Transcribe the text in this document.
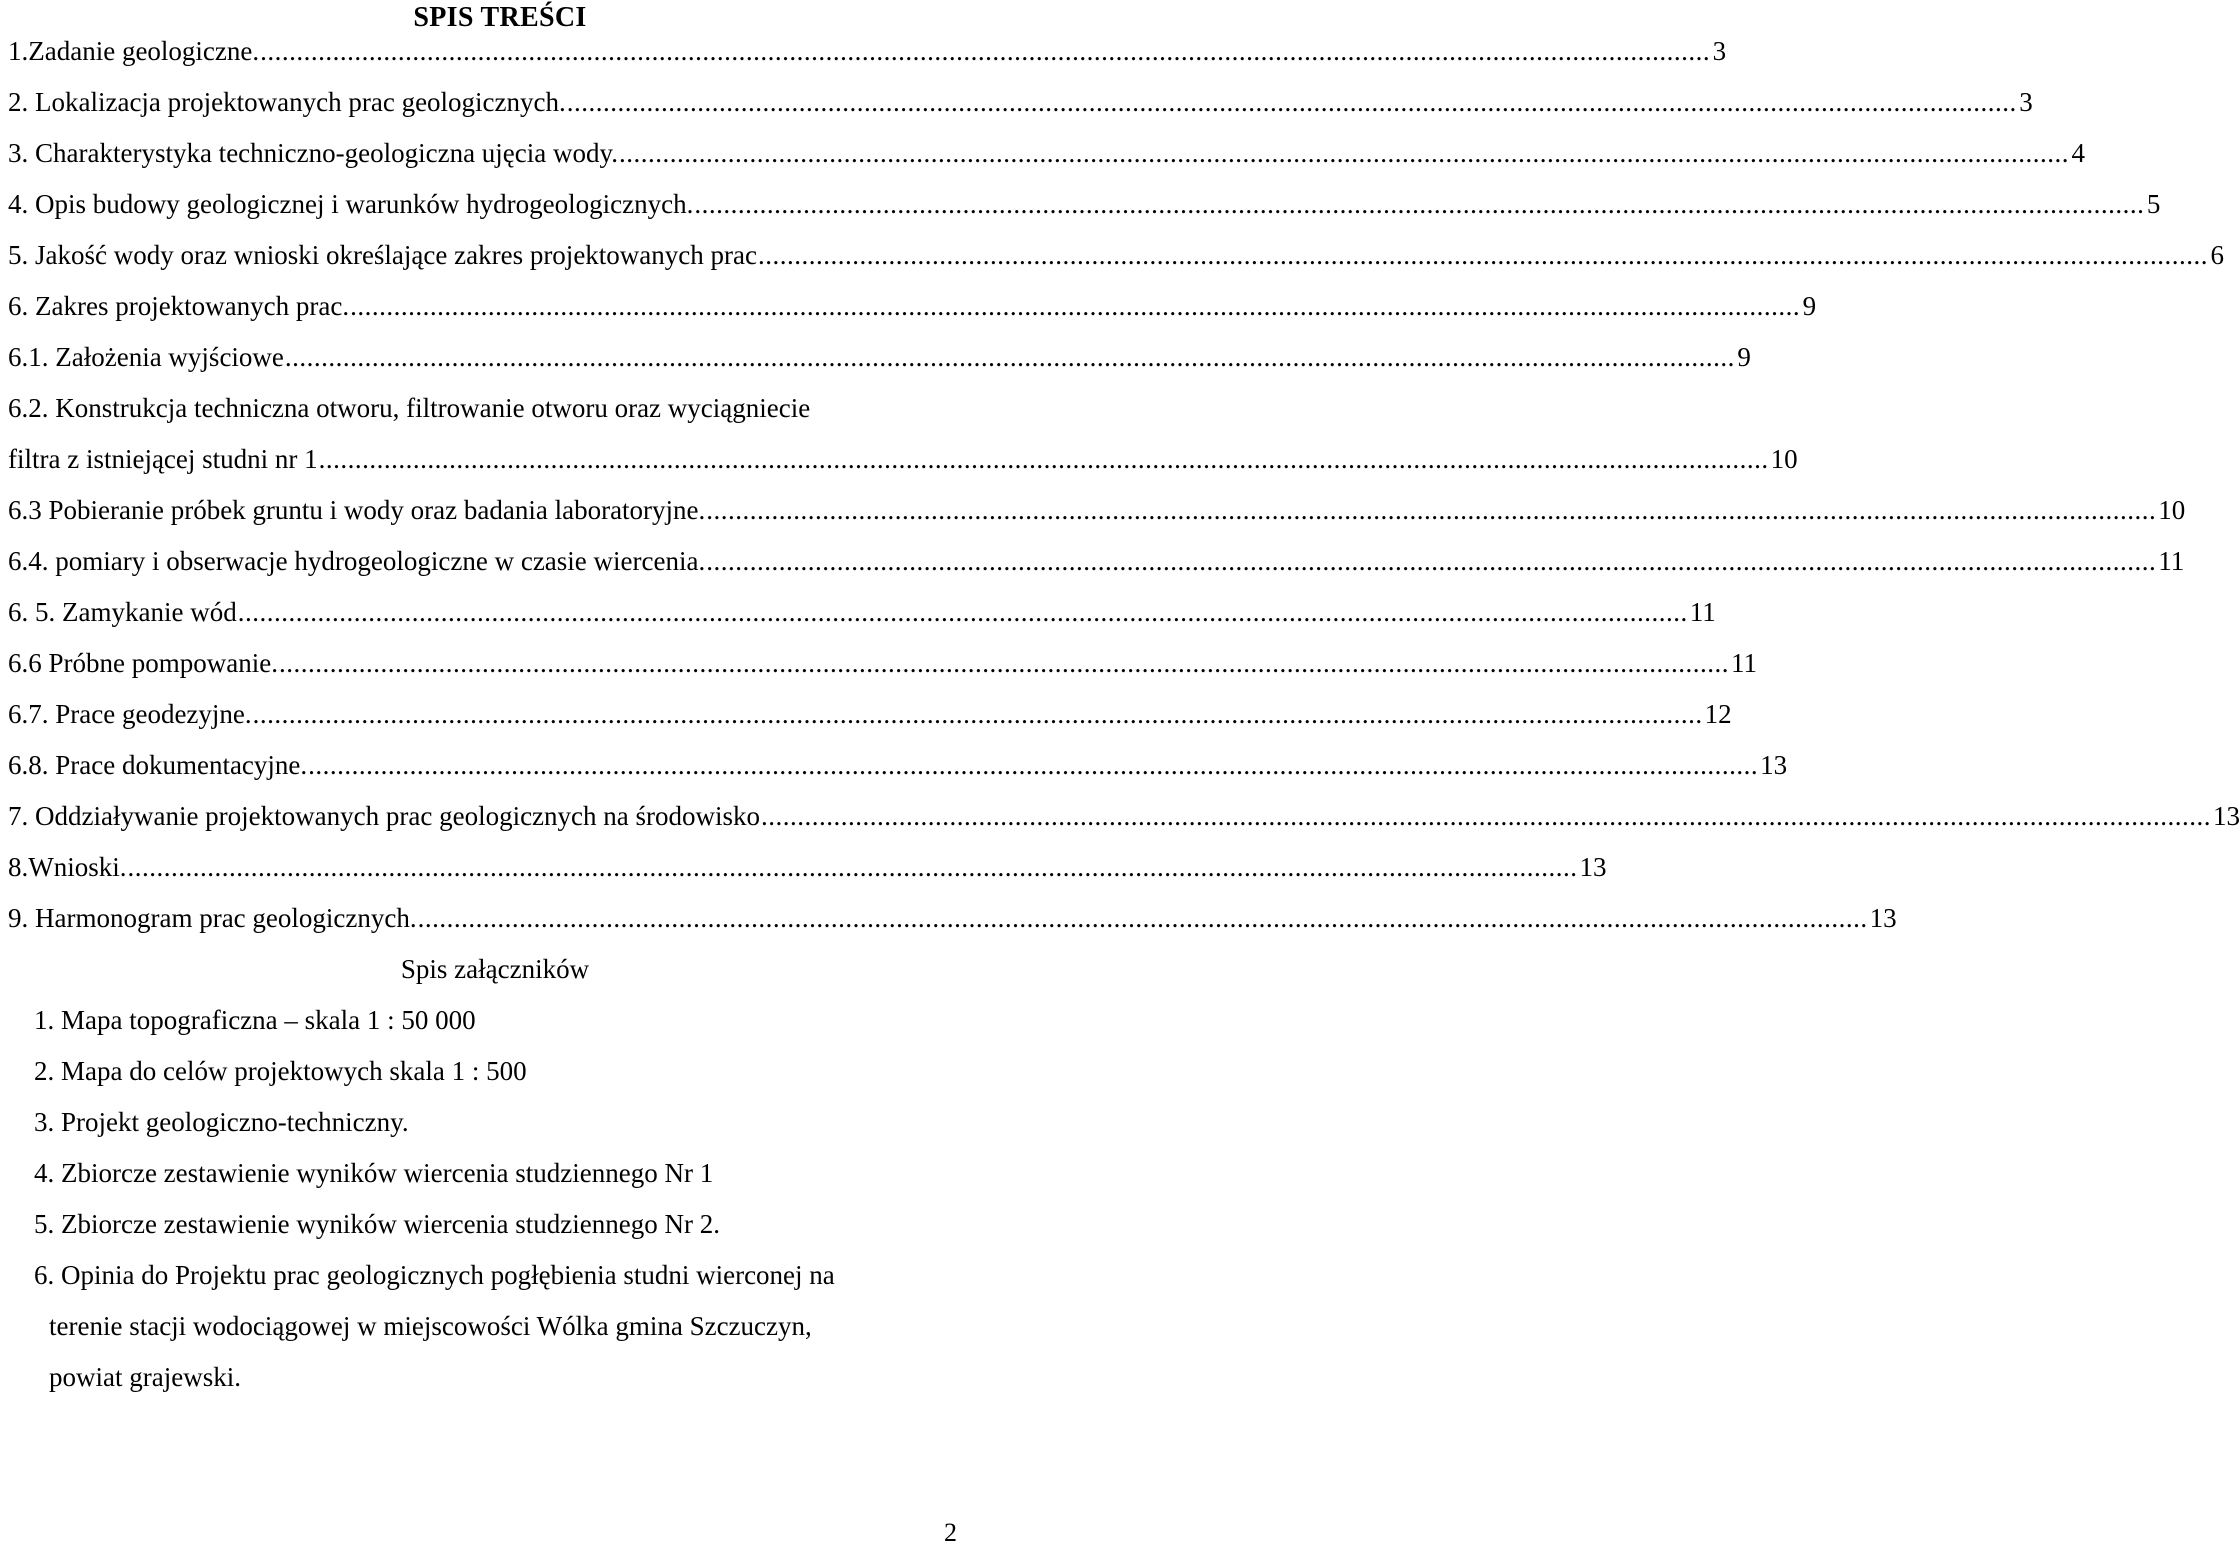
SPIS TREŚCI
1.Zadanie geologiczne. ........................................................................................................................................................................................................ 3
2. Lokalizacja projektowanych prac geologicznych. ........................................................................................................................................................................................................ 3
3. Charakterystyka techniczno-geologiczna ujęcia wody. ........................................................................................................................................................................................................ 4
4. Opis budowy geologicznej i warunków hydrogeologicznych. ........................................................................................................................................................................................................ 5
5. Jakość wody oraz wnioski określające zakres projektowanych prac ........................................................................................................................................................................................................ 6
6. Zakres projektowanych prac. ........................................................................................................................................................................................................ 9
6.1. Założenia wyjściowe ........................................................................................................................................................................................................ 9
6.2. Konstrukcja techniczna otworu, filtrowanie otworu oraz wyciągniecie
filtra z istniejącej studni nr 1 ........................................................................................................................................................................................................ 10
6.3 Pobieranie próbek gruntu i wody oraz badania laboratoryjne. ........................................................................................................................................................................................................ 10
6.4. pomiary i obserwacje hydrogeologiczne w czasie wiercenia. ........................................................................................................................................................................................................ 11
6. 5. Zamykanie wód ........................................................................................................................................................................................................ 11
6.6 Próbne pompowanie. ........................................................................................................................................................................................................ 11
6.7. Prace geodezyjne. ........................................................................................................................................................................................................ 12
6.8. Prace dokumentacyjne. ........................................................................................................................................................................................................ 13
7. Oddziaływanie projektowanych prac geologicznych na środowisko ........................................................................................................................................................................................................ 13
8.Wnioski. ........................................................................................................................................................................................................ 13
9. Harmonogram prac geologicznych. ........................................................................................................................................................................................................ 13
Spis załączników
1. Mapa topograficzna – skala 1 : 50 000
2. Mapa do celów projektowych skala 1 : 500
3. Projekt geologiczno-techniczny.
4. Zbiorcze zestawienie wyników wiercenia studziennego Nr 1
5. Zbiorcze zestawienie wyników wiercenia studziennego Nr 2.
6. Opinia do Projektu prac geologicznych pogłębienia studni wierconej na
terenie stacji wodociągowej w miejscowości Wólka gmina Szczuczyn,
powiat grajewski.
2
